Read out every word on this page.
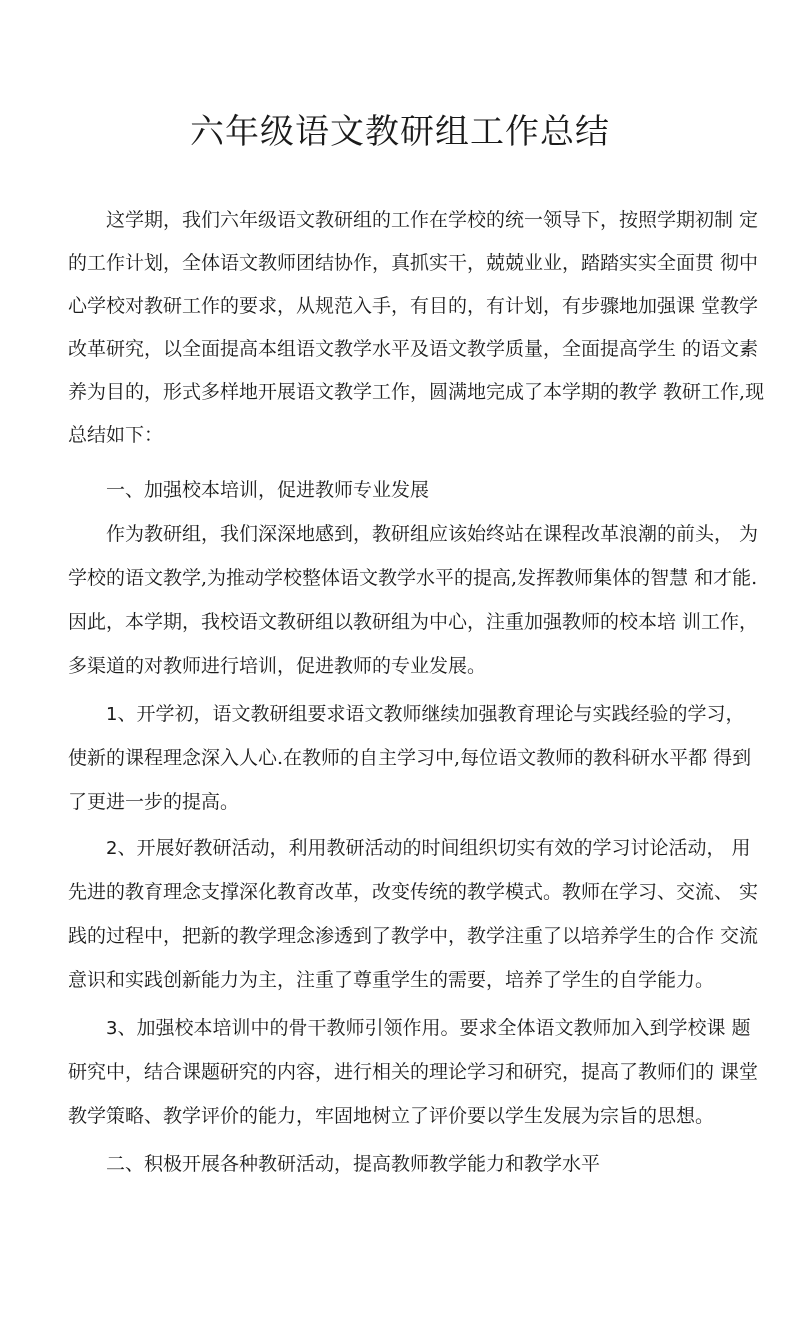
六年级语文教研组工作总结
这学期，我们六年级语文教研组的工作在学校的统一领导下，按照学期初制 定
的工作计划，全体语文教师团结协作，真抓实干，兢兢业业，踏踏实实全面贯 彻中
心学校对教研工作的要求，从规范入手，有目的，有计划，有步骤地加强课 堂教学
改革研究，以全面提高本组语文教学水平及语文教学质量，全面提高学生 的语文素
养为目的，形式多样地开展语文教学工作，圆满地完成了本学期的教学 教研工作,现
总结如下：
一、加强校本培训，促进教师专业发展
作为教研组，我们深深地感到，教研组应该始终站在课程改革浪潮的前头， 为
学校的语文教学,为推动学校整体语文教学水平的提高,发挥教师集体的智慧 和才能.
因此，本学期，我校语文教研组以教研组为中心，注重加强教师的校本培 训工作，
多渠道的对教师进行培训，促进教师的专业发展。
1、开学初，语文教研组要求语文教师继续加强教育理论与实践经验的学习，
使新的课程理念深入人心.在教师的自主学习中,每位语文教师的教科研水平都 得到
了更进一步的提高。
2、开展好教研活动，利用教研活动的时间组织切实有效的学习讨论活动， 用
先进的教育理念支撑深化教育改革，改变传统的教学模式。教师在学习、交流、 实
践的过程中，把新的教学理念渗透到了教学中，教学注重了以培养学生的合作 交流
意识和实践创新能力为主，注重了尊重学生的需要，培养了学生的自学能力。
3、加强校本培训中的骨干教师引领作用。要求全体语文教师加入到学校课 题
研究中，结合课题研究的内容，进行相关的理论学习和研究，提高了教师们的 课堂
教学策略、教学评价的能力，牢固地树立了评价要以学生发展为宗旨的思想。
二、积极开展各种教研活动，提高教师教学能力和教学水平
